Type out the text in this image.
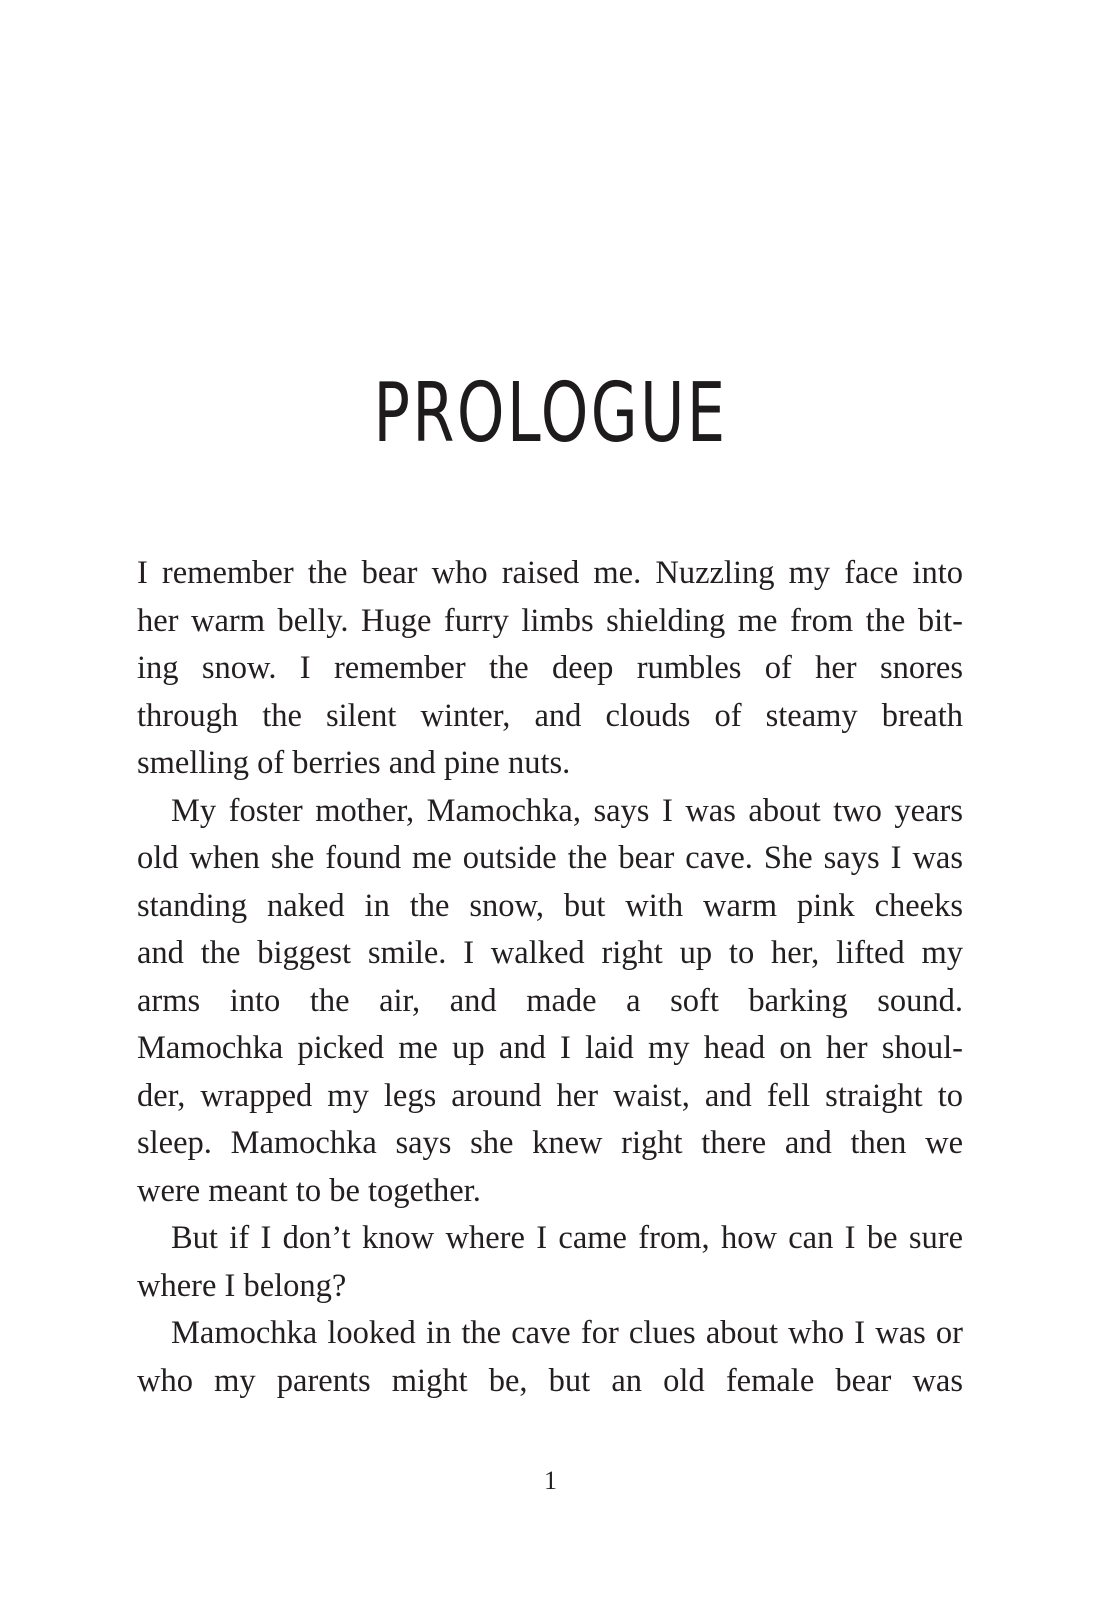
PROLOGUE
I remember the bear who raised me. Nuzzling my face into
her warm belly. Huge furry limbs shielding me from the bit-
ing snow. I remember the deep rumbles of her snores
through the silent winter, and clouds of steamy breath
smelling of berries and pine nuts.
My foster mother, Mamochka, says I was about two years
old when she found me outside the bear cave. She says I was
standing naked in the snow, but with warm pink cheeks
and the biggest smile. I walked right up to her, lifted my
arms into the air, and made a soft barking sound.
Mamochka picked me up and I laid my head on her shoul-
der, wrapped my legs around her waist, and fell straight to
sleep. Mamochka says she knew right there and then we
were meant to be together.
But if I don’t know where I came from, how can I be sure
where I belong?
Mamochka looked in the cave for clues about who I was or
who my parents might be, but an old female bear was
1
